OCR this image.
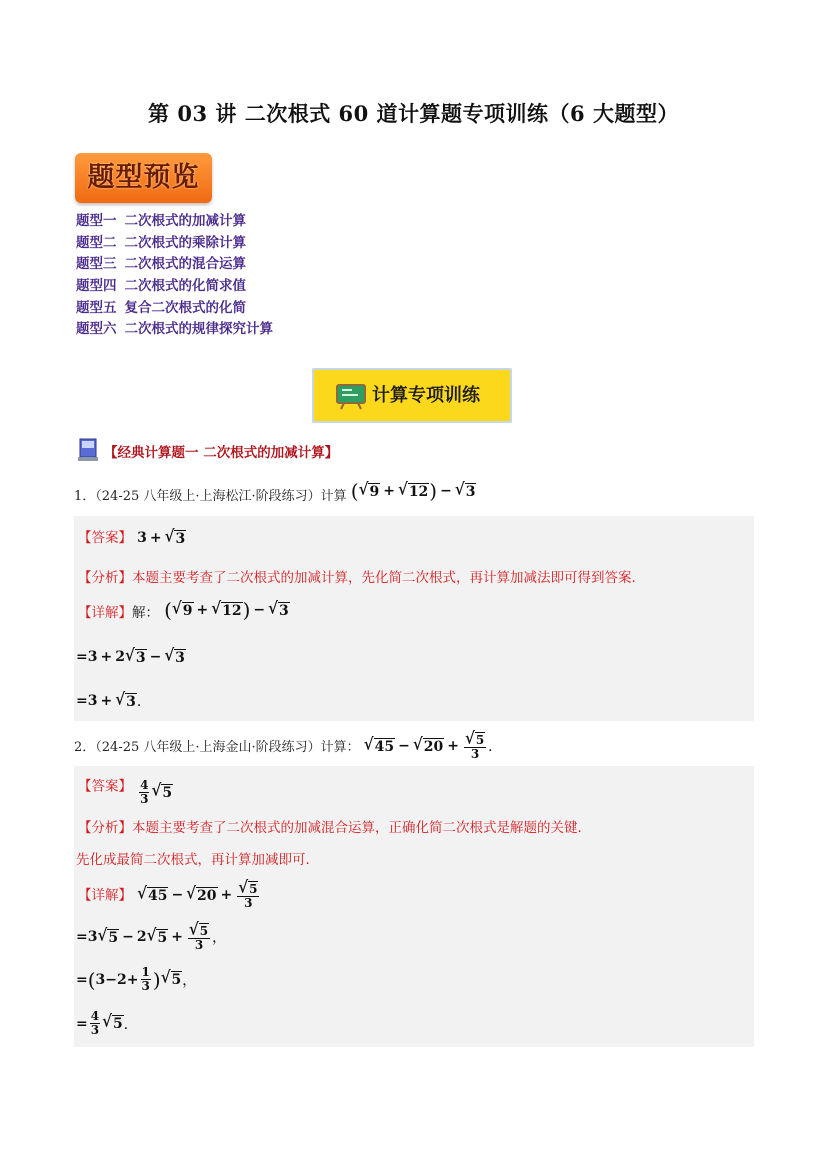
第 03 讲 二次根式 60 道计算题专项训练（6 大题型）
题型预览
题型一 二次根式的加减计算
题型二 二次根式的乘除计算
题型三 二次根式的混合运算
题型四 二次根式的化简求值
题型五 复合二次根式的化简
题型六 二次根式的规律探究计算
计算专项训练
【经典计算题一 二次根式的加减计算】
1．（24-25 八年级上·上海松江·阶段练习）计算 ( √ 9 + √ 12 ) − √ 3
【答案】 3 + √ 3
【分析】本题主要考查了二次根式的加减计算，先化简二次根式，再计算加减法即可得到答案．
【详解】解： ( √ 9 + √ 12 ) − √ 3
= 3 + 2 √ 3 − √ 3
= 3 + √ 3 ．
2．（24-25 八年级上·上海金山·阶段练习）计算： √ 45 − √ $20 + \frac{√ 5}{3}$ ．
【答案】 $\frac{4}{3}$ √ 5
【分析】本题主要考查了二次根式的加减混合运算，正确化简二次根式是解题的关键．
先化成最简二次根式，再计算加减即可．
【详解】 √ 45 − √ $20 + \frac{√ 5}{3}$
= 3 √ 5 − 2 √ $5 + \frac{√ 5}{3}$ ，
= ( $3 - 2 + \frac{1}{3}$ ) √ 5 ，
= $\frac{4}{3}$ √ 5 ．
